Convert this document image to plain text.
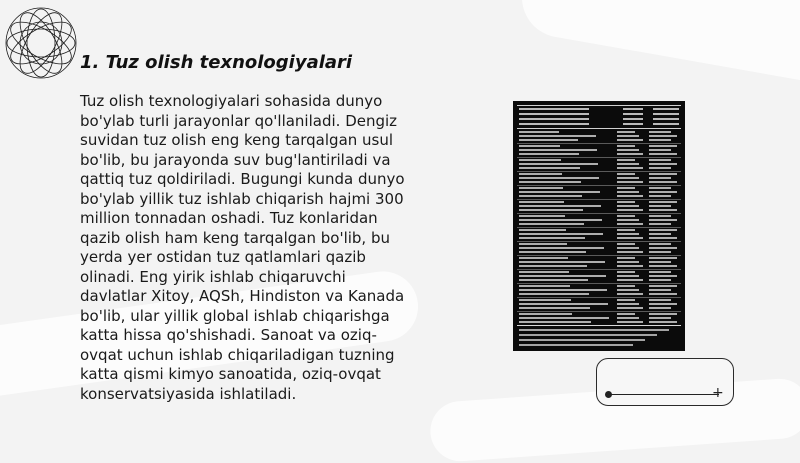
1. Tuz olish texnologiyalari

Tuz olish texnologiyalari sohasida dunyo bo'ylab turli jarayonlar qo'llaniladi. Dengiz suvidan tuz olish eng keng tarqalgan usul bo'lib, bu jarayonda suv bug'lantiriladi va qattiq tuz qoldiriladi. Bugungi kunda dunyo bo'ylab yillik tuz ishlab chiqarish hajmi 300 million tonnadan oshadi. Tuz konlaridan qazib olish ham keng tarqalgan bo'lib, bu yerda yer ostidan tuz qatlamlari qazib olinadi. Eng yirik ishlab chiqaruvchi davlatlar Xitoy, AQSh, Hindiston va Kanada bo'lib, ular yillik global ishlab chiqarishga katta hissa qo'shishadi. Sanoat va oziq-ovqat uchun ishlab chiqariladigan tuzning katta qismi kimyo sanoatida, oziq-ovqat konservatsiyasida ishlatiladi.	+
